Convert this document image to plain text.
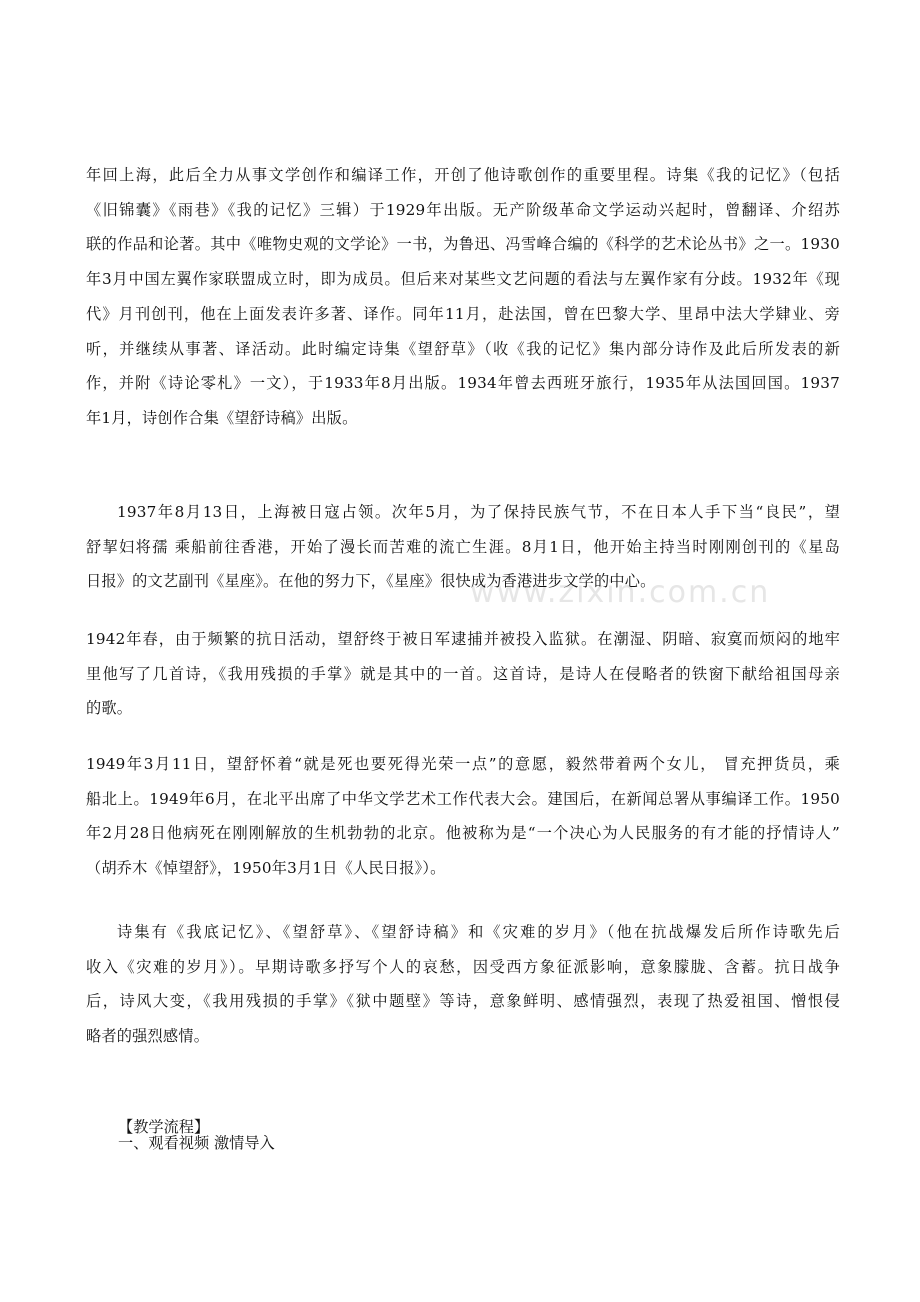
www.zixin.com.cn
年回上海，此后全力从事文学创作和编译工作，开创了他诗歌创作的重要里程。诗集《我的记忆》（包括
《旧锦囊》《雨巷》《我的记忆》三辑）于1929年出版。无产阶级革命文学运动兴起时，曾翻译、介绍苏
联的作品和论著。其中《唯物史观的文学论》一书，为鲁迅、冯雪峰合编的《科学的艺术论丛书》之一。1930
年3月中国左翼作家联盟成立时，即为成员。但后来对某些文艺问题的看法与左翼作家有分歧。1932年《现
代》月刊创刊，他在上面发表许多著、译作。同年11月，赴法国，曾在巴黎大学、里昂中法大学肄业、旁
听，并继续从事著、译活动。此时编定诗集《望舒草》（收《我的记忆》集内部分诗作及此后所发表的新
作，并附《诗论零札》一文），于1933年8月出版。1934年曾去西班牙旅行，1935年从法国回国。1937
年1月，诗创作合集《望舒诗稿》出版。
1937年8月13日，上海被日寇占领。次年5月，为了保持民族气节，不在日本人手下当“良民”，望
舒挈妇将孺 乘船前往香港，开始了漫长而苦难的流亡生涯。8月1日，他开始主持当时刚刚创刊的《星岛
日报》的文艺副刊《星座》。在他的努力下，《星座》很快成为香港进步文学的中心。
1942年春，由于频繁的抗日活动，望舒终于被日军逮捕并被投入监狱。在潮湿、阴暗、寂寞而烦闷的地牢
里他写了几首诗，《我用残损的手掌》就是其中的一首。这首诗，是诗人在侵略者的铁窗下献给祖国母亲
的歌。
1949年3月11日，望舒怀着“就是死也要死得光荣一点”的意愿，毅然带着两个女儿， 冒充押货员，乘
船北上。1949年6月，在北平出席了中华文学艺术工作代表大会。建国后，在新闻总署从事编译工作。1950
年2月28日他病死在刚刚解放的生机勃勃的北京。他被称为是“一个决心为人民服务的有才能的抒情诗人”
（胡乔木《悼望舒》，1950年3月1日《人民日报》）。
诗集有《我底记忆》、《望舒草》、《望舒诗稿》和《灾难的岁月》（他在抗战爆发后所作诗歌先后
收入《灾难的岁月》）。早期诗歌多抒写个人的哀愁，因受西方象征派影响，意象朦胧、含蓄。抗日战争
后，诗风大变，《我用残损的手掌》《狱中题壁》等诗，意象鲜明、感情强烈，表现了热爱祖国、憎恨侵
略者的强烈感情。
【教学流程】
一、观看视频 激情导入
